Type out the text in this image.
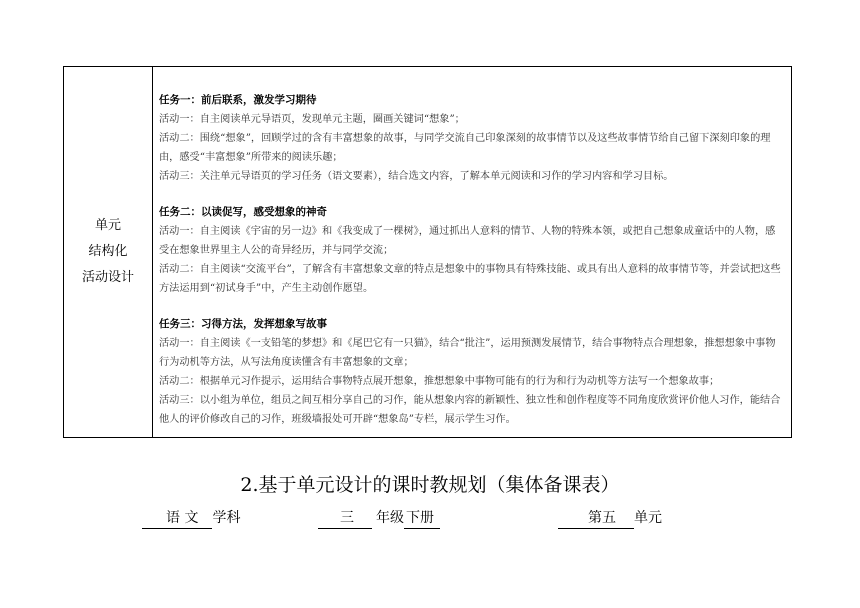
单元
结构化
活动设计
任务一：前后联系，激发学习期待
活动一：自主阅读单元导语页，发现单元主题，圈画关键词“想象”；
活动二：围绕“想象”，回顾学过的含有丰富想象的故事，与同学交流自己印象深刻的故事情节以及这些故事情节给自己留下深刻印象的理由，感受“丰富想象”所带来的阅读乐趣；
活动三：关注单元导语页的学习任务（语文要素），结合选文内容，了解本单元阅读和习作的学习内容和学习目标。
任务二：以读促写，感受想象的神奇
活动一：自主阅读《宇宙的另一边》和《我变成了一棵树》，通过抓出人意料的情节、人物的特殊本领，或把自己想象成童话中的人物，感受在想象世界里主人公的奇异经历，并与同学交流；
活动二：自主阅读“交流平台”，了解含有丰富想象文章的特点是想象中的事物具有特殊技能、或具有出人意料的故事情节等，并尝试把这些方法运用到“初试身手”中，产生主动创作愿望。
任务三：习得方法，发挥想象写故事
活动一：自主阅读《一支铅笔的梦想》和《尾巴它有一只猫》，结合“批注”，运用预测发展情节，结合事物特点合理想象，推想想象中事物行为动机等方法，从写法角度读懂含有丰富想象的文章；
活动二：根据单元习作提示，运用结合事物特点展开想象，推想想象中事物可能有的行为和行为动机等方法写一个想象故事；
活动三：以小组为单位，组员之间互相分享自己的习作，能从想象内容的新颖性、独立性和创作程度等不同角度欣赏评价他人习作，能结合他人的评价修改自己的习作，班级墙报处可开辟“想象岛”专栏，展示学生习作。
2.基于单元设计的课时教规划（集体备课表）
语 文 学科	三 年级 下册	第五 单元
